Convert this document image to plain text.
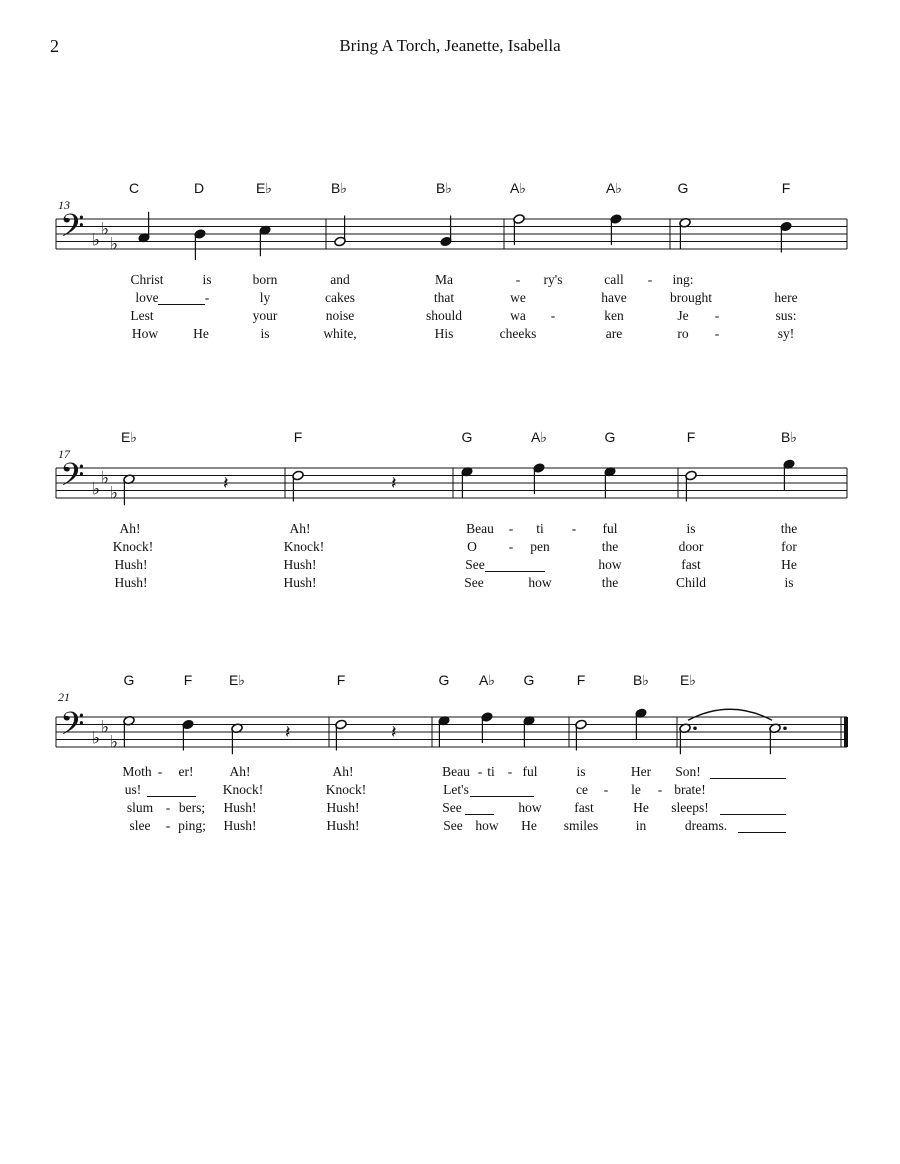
2	Bring A Torch, Jeanette, Isabella
𝄢 ♭
♭
♭
13
C	D	E♭	B♭	B♭	A♭	A♭	G	F
Christ	is	born	and	Ma	- ry's	call - ing:
love	-	ly	cakes	that	we	have	brought	here
Lest	your	noise	should	wa -	ken	Je -	sus:
How	He	is	white,	His	cheeks	are	ro -	sy!
𝄢 ♭
♭
♭	𝄽	𝄽
17
E♭	F	G	A♭	G	F	B♭
Ah!	Ah!	Beau - ti - ful	is	the
Knock!	Knock!	O - pen	the	door	for
Hush!	Hush!	See	how	fast	He
Hush!	Hush!	See	how	the	Child	is
𝄢 ♭
♭
♭	𝄽	𝄽
21
G	F	E♭	F	G A♭ G	F	B♭ E♭
Moth - er!	Ah!	Ah!	Beau - ti - ful	is	Her Son!
us!	Knock!	Knock!	Let's	ce - le - brate!
slum - bers; Hush!	Hush!	See	how fast	He sleeps!
slee - ping; Hush!	Hush!	See how He smiles	in	dreams.
